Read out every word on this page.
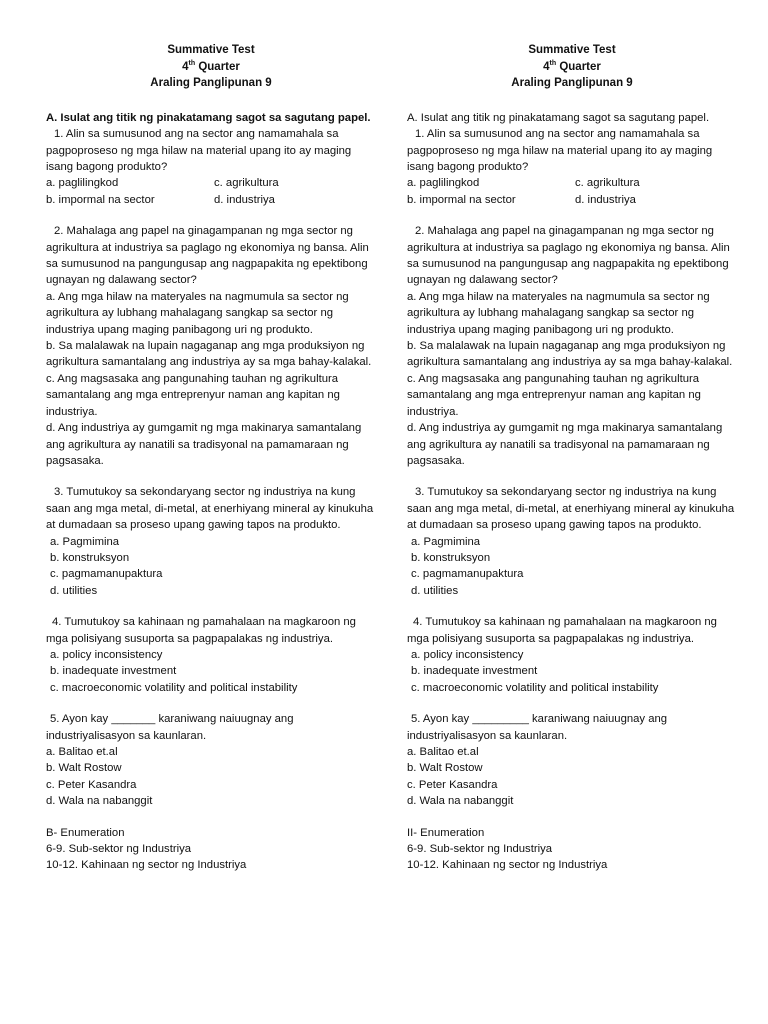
Summative Test
4th Quarter
Araling Panglipunan 9
A. Isulat ang titik ng pinakatamang sagot sa sagutang papel.
1. Alin sa sumusunod ang na sector ang namamahala sa pagpoproseso ng mga hilaw na material upang ito ay maging isang bagong produkto?
a. paglilingkod	c. agrikultura
b. impormal na sector	d. industriya
2. Mahalaga ang papel na ginagampanan ng mga sector ng agrikultura at industriya sa paglago ng ekonomiya ng bansa. Alin sa sumusunod na pangungusap ang nagpapakita ng epektibong ugnayan ng dalawang sector?
a. Ang mga hilaw na materyales na nagmumula sa sector ng agrikultura ay lubhang mahalagang sangkap sa sector ng industriya upang maging panibagong uri ng produkto.
b. Sa malalawak na lupain nagaganap ang mga produksiyon ng agrikultura samantalang ang industriya ay sa mga bahay-kalakal.
c. Ang magsasaka ang pangunahing tauhan ng agrikultura samantalang ang mga entreprenyur naman ang kapitan ng industriya.
d. Ang industriya ay gumgamit ng mga makinarya samantalang ang agrikultura ay nanatili sa tradisyonal na pamamaraan ng pagsasaka.
3. Tumutukoy sa sekondaryang sector ng industriya na kung saan ang mga metal, di-metal, at enerhiyang mineral ay kinukuha at dumadaan sa proseso upang gawing tapos na produkto.
a. Pagmimina
b. konstruksyon
c. pagmamanupaktura
d. utilities
4. Tumutukoy sa kahinaan ng pamahalaan na magkaroon ng mga polisiyang susuporta sa pagpapalakas ng industriya.
a. policy inconsistency
b. inadequate investment
c. macroeconomic volatility and political instability
5. Ayon kay _______ karaniwang naiuugnay ang industriyalisasyon sa kaunlaran.
a. Balitao et.al
b. Walt Rostow
c. Peter Kasandra
d. Wala na nabanggit
B- Enumeration
6-9. Sub-sektor ng Industriya
10-12. Kahinaan ng sector ng Industriya
Summative Test
4th Quarter
Araling Panglipunan 9
A. Isulat ang titik ng pinakatamang sagot sa sagutang papel.
1. Alin sa sumusunod ang na sector ang namamahala sa pagpoproseso ng mga hilaw na material upang ito ay maging isang bagong produkto?
a. paglilingkod	c. agrikultura
b. impormal na sector	d. industriya
2. Mahalaga ang papel na ginagampanan ng mga sector ng agrikultura at industriya sa paglago ng ekonomiya ng bansa. Alin sa sumusunod na pangungusap ang nagpapakita ng epektibong ugnayan ng dalawang sector?
a. Ang mga hilaw na materyales na nagmumula sa sector ng agrikultura ay lubhang mahalagang sangkap sa sector ng industriya upang maging panibagong uri ng produkto.
b. Sa malalawak na lupain nagaganap ang mga produksiyon ng agrikultura samantalang ang industriya ay sa mga bahay-kalakal.
c. Ang magsasaka ang pangunahing tauhan ng agrikultura samantalang ang mga entreprenyur naman ang kapitan ng industriya.
d. Ang industriya ay gumgamit ng mga makinarya samantalang ang agrikultura ay nanatili sa tradisyonal na pamamaraan ng pagsasaka.
3. Tumutukoy sa sekondaryang sector ng industriya na kung saan ang mga metal, di-metal, at enerhiyang mineral ay kinukuha at dumadaan sa proseso upang gawing tapos na produkto.
a. Pagmimina
b. konstruksyon
c. pagmamanupaktura
d. utilities
4. Tumutukoy sa kahinaan ng pamahalaan na magkaroon ng mga polisiyang susuporta sa pagpapalakas ng industriya.
a. policy inconsistency
b. inadequate investment
c. macroeconomic volatility and political instability
5. Ayon kay _________ karaniwang naiuugnay ang industriyalisasyon sa kaunlaran.
a. Balitao et.al
b. Walt Rostow
c. Peter Kasandra
d. Wala na nabanggit
II- Enumeration
6-9. Sub-sektor ng Industriya
10-12. Kahinaan ng sector ng Industriya
